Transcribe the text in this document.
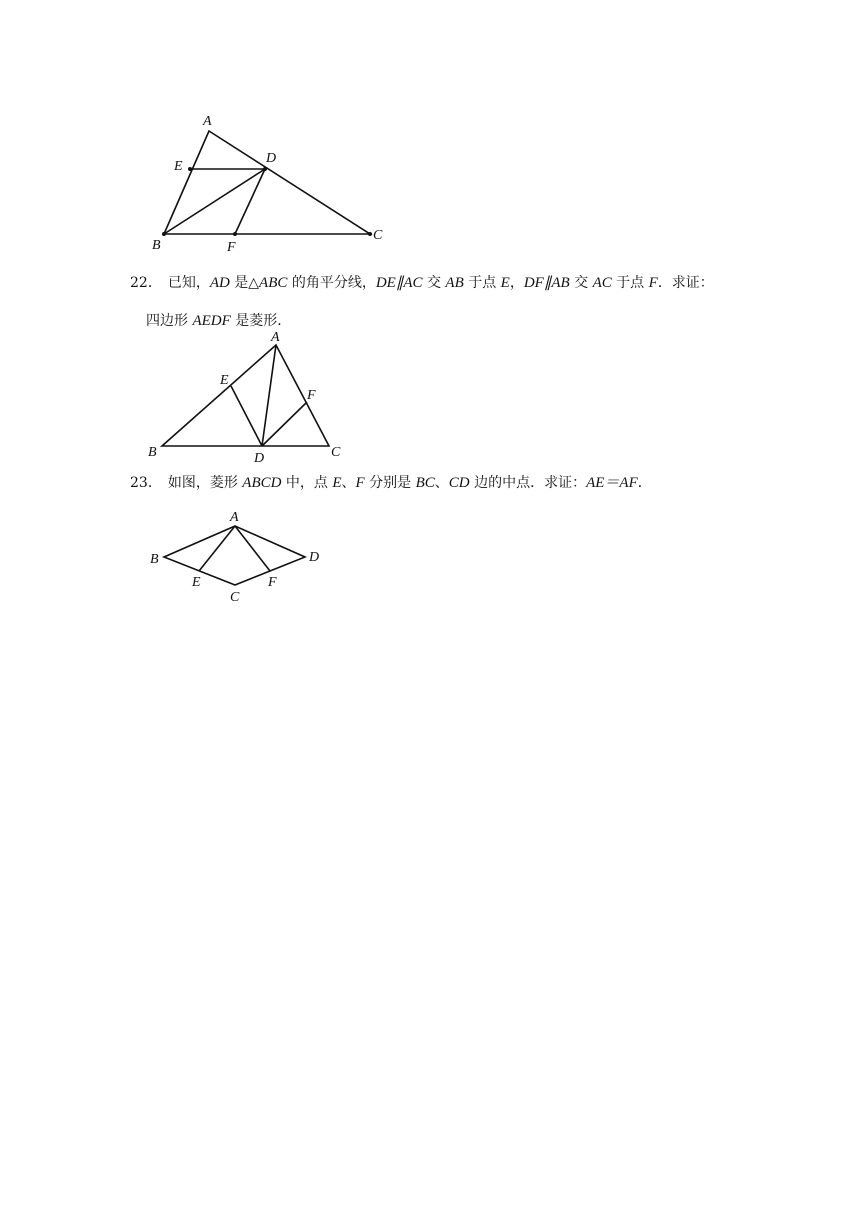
A
E
D
B	F
C
22． 已知，AD 是△ABC 的角平分线，DE∥AC 交 AB 于点 E，DF∥AB 交 AC 于点 F．求证：
四边形 AEDF 是菱形．
A
E
F
B	D	C
23． 如图，菱形 ABCD 中，点 E、F 分别是 BC、CD 边的中点．求证：AE＝AF．
A
B	D
E
C
F
